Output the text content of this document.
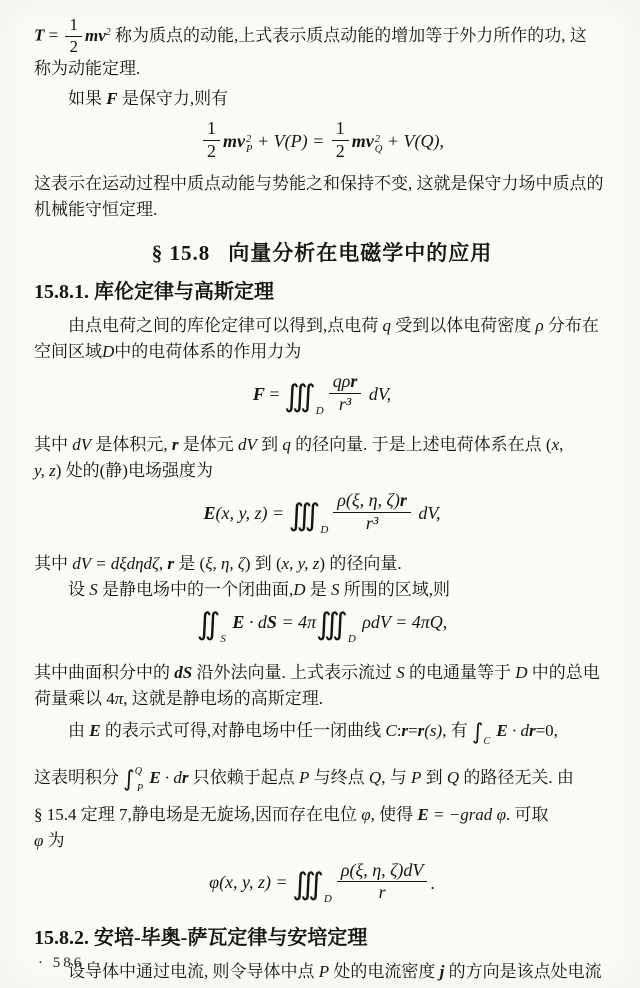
$T = \frac{1}{2} mv^2$ 称为质点的动能,上式表示质点动能的增加等于外力所作的功, 这
称为动能定理.
如果 F 是保守力,则有
$\frac{1}{2}$ mv 2
$P + V(P) = \frac{1}{2}$ mv 2
Q + V(Q),
这表示在运动过程中质点动能与势能之和保持不变, 这就是保守力场中质点的
机械能守恒定理.
§ 15.8 向量分析在电磁学中的应用
15.8.1. 库伦定律与高斯定理
由点电荷之间的库伦定律可以得到,点电荷 q 受到以体电荷密度 ρ 分布在
空间区域D中的电荷体系的作用力为
$F = ∭_D \frac{\text{qρr}}{\text{r³}}$ dV,
其中 dV 是体积元, r 是体元 dV 到 q 的径向量. 于是上述电荷体系在点 (x,
y, z) 处的(静)电场强度为
E(x, y, $z) = ∭_D \frac{\rho(\xi, \eta, \zeta)r}{\text{r³}}$ dV,
其中 dV = dξdηdζ, r 是 (ξ, η, ζ) 到 (x, y, z) 的径向量.
设 S 是静电场中的一个闭曲面,D 是 S 所围的区域,则
$∬_S$ E · dS = $4\pi∭_D$ ρdV = 4πQ,
其中曲面积分中的 dS 沿外法向量. 上式表示流过 S 的电通量等于 D 中的总电
荷量乘以 4π, 这就是静电场的高斯定理.
由 E 的表示式可得,对静电场中任一闭曲线 C:r=r(s), 有 $\int_C$ E · dr=0,
这表明积分 ∫$^Q_P$ E · dr 只依赖于起点 P 与终点 Q, 与 P 到 Q 的路径无关. 由
§ 15.4 定理 7,静电场是无旋场,因而存在电位 φ, 使得 E = −grad φ. 可取
φ 为
φ(x, y, $z) = ∭_D \frac{\rho(\xi, \eta, \zeta)dV}{r}$ .
15.8.2. 安培-毕奥-萨瓦定律与安培定理
设导体中通过电流, 则令导体中点 P 处的电流密度 j 的方向是该点处电流
· 586 ·
